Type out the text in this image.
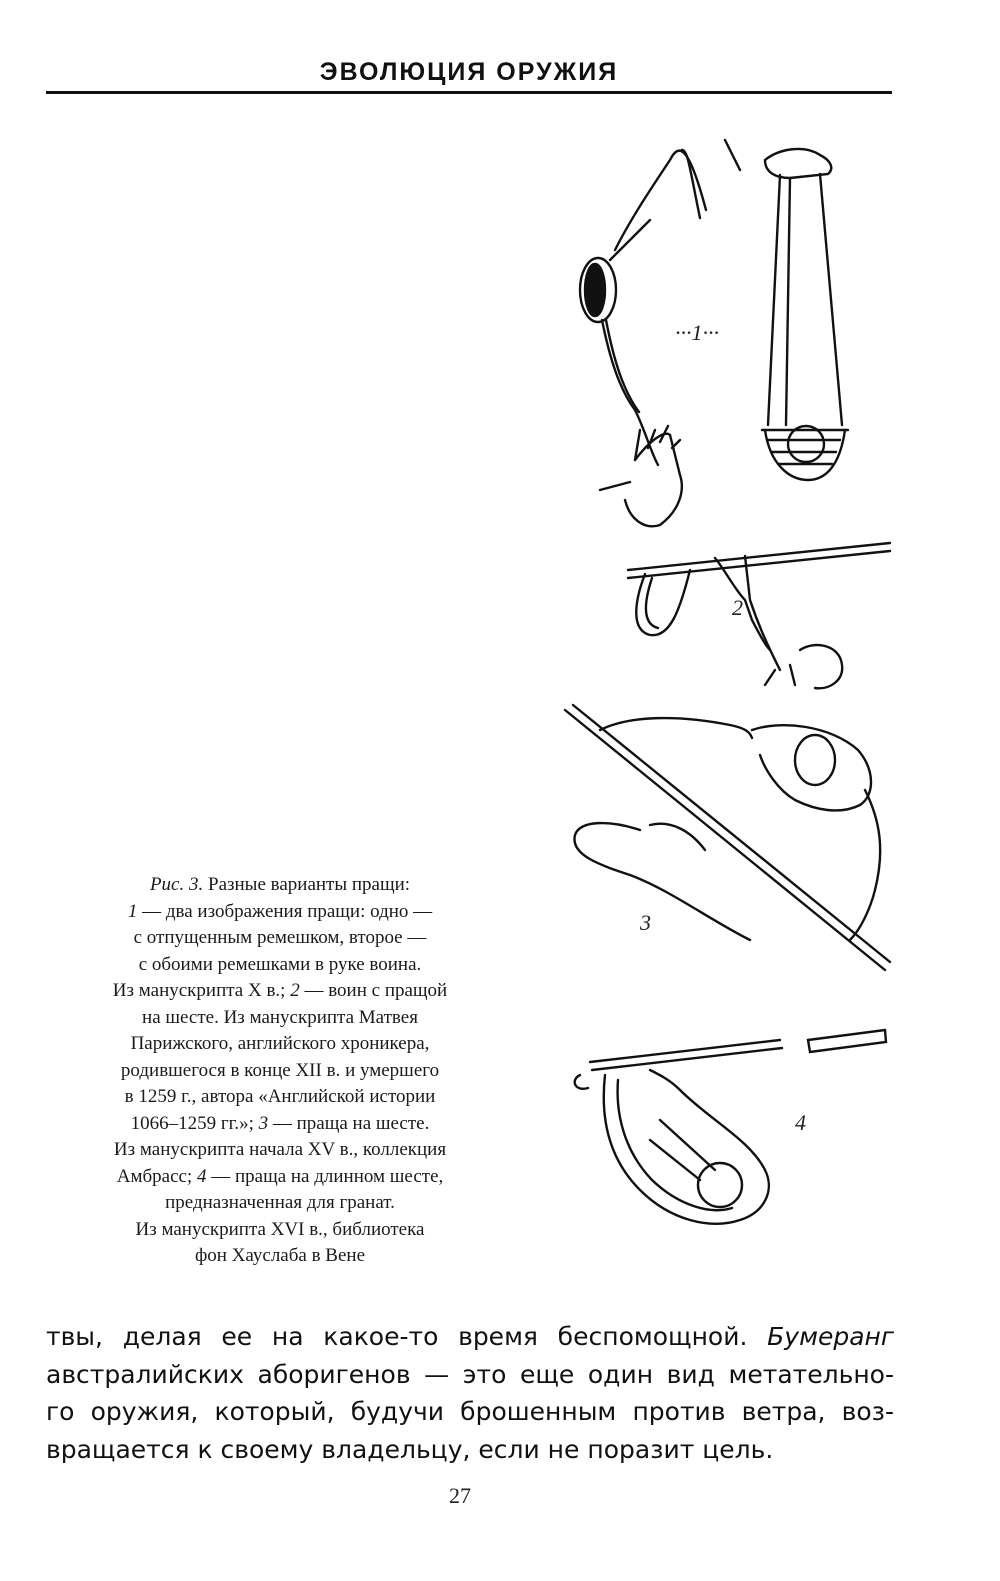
ЭВОЛЮЦИЯ ОРУЖИЯ
···1···
2
3
4
Рис. 3. Разные варианты пращи:
1 — два изображения пращи: одно —
с отпущенным ремешком, второе —
с обоими ремешками в руке воина.
Из манускрипта X в.; 2 — воин с пращой
на шесте. Из манускрипта Матвея
Парижского, английского хроникера,
родившегося в конце XII в. и умершего
в 1259 г., автора «Английской истории
1066–1259 гг.»; 3 — праща на шесте.
Из манускрипта начала XV в., коллекция
Амбрасс; 4 — праща на длинном шесте,
предназначенная для гранат.
Из манускрипта XVI в., библиотека
фон Хауслаба в Вене
твы, делая ее на какое-то время беспомощной. Бумеранг
австралийских аборигенов — это еще один вид метательно-
го оружия, который, будучи брошенным против ветра, воз-
вращается к своему владельцу, если не поразит цель.
27
